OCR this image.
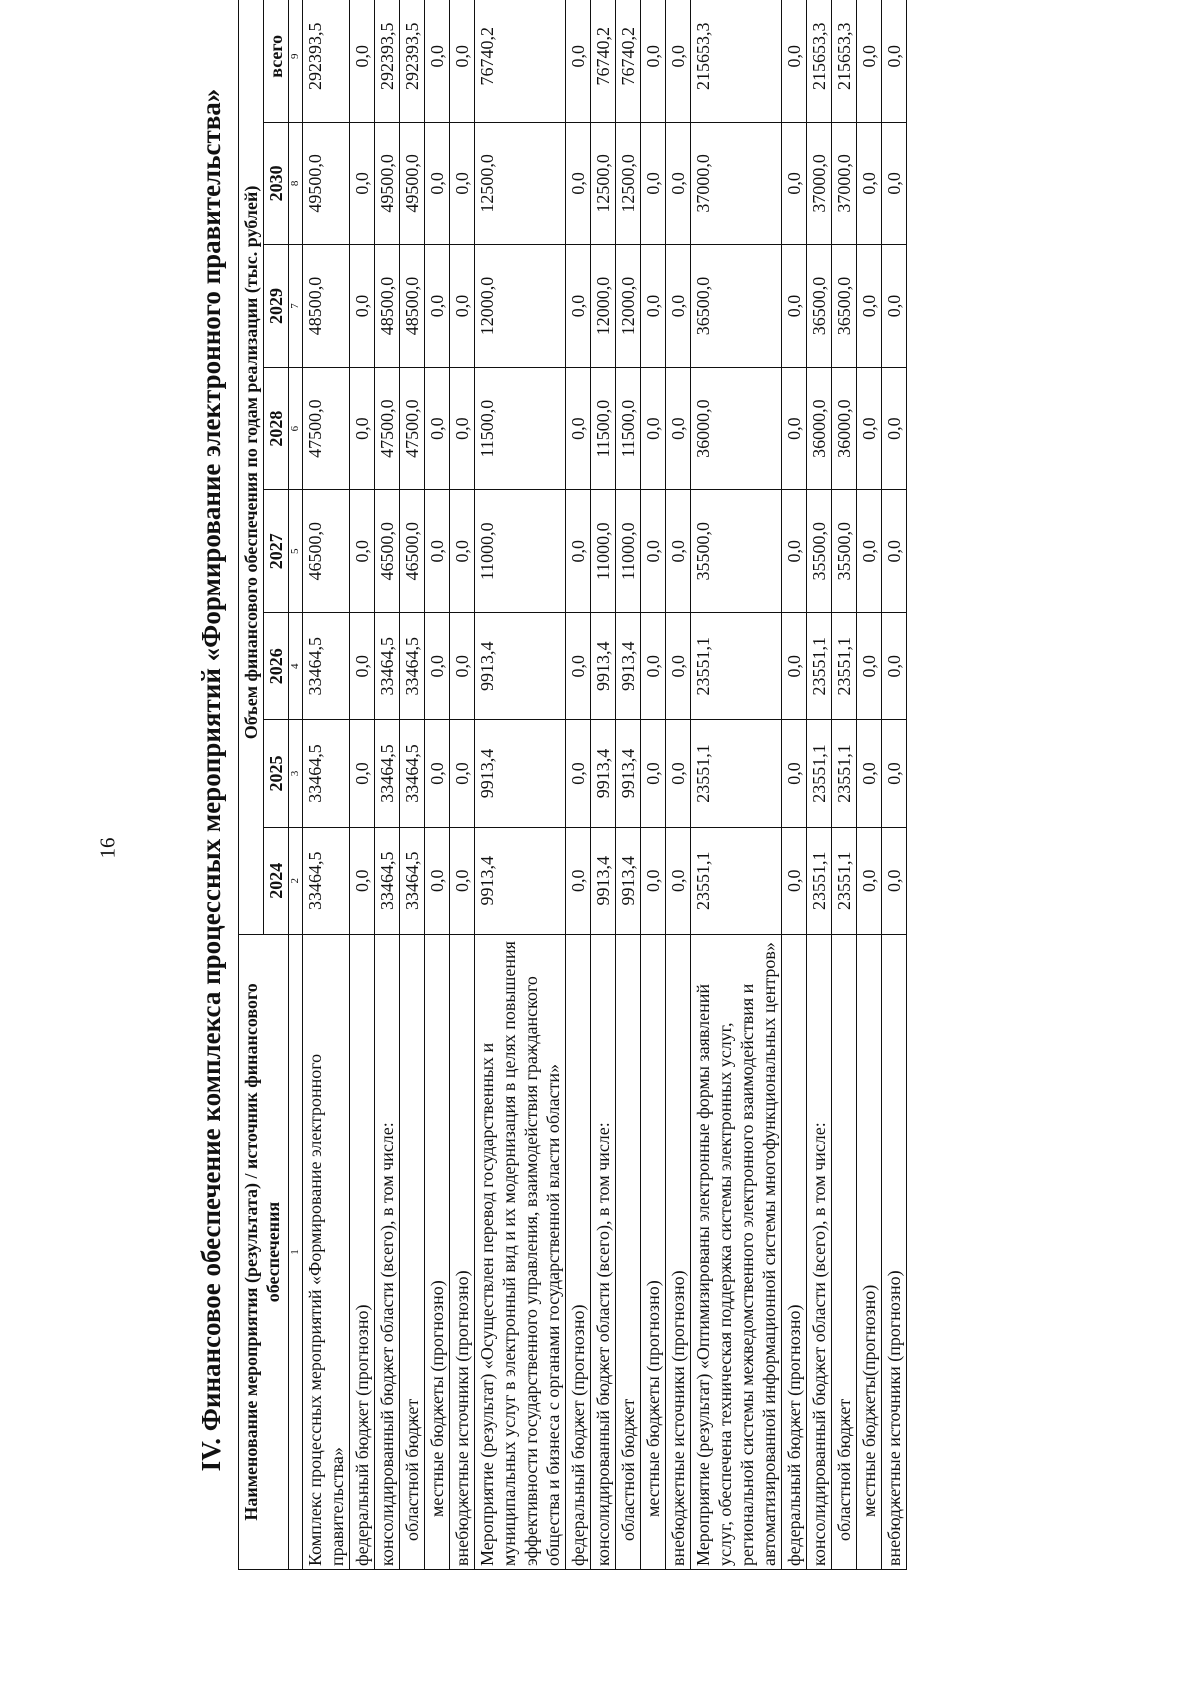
16	IV. Финансовое обеспечение комплекса процессных мероприятий «Формирование электронного правительства» Наименование мероприятия (результата) / источник финансового обеспечения	Объем финансового обеспечения по годам реализации (тыс. рублей)							
	2024	2025	2026	2027	2028	2029	2030	всего
1	2	3	4	5	6	7	8	9
Комплекс процессных мероприятий «Формирование электронного правительства»	33464,5	33464,5	33464,5	46500,0	47500,0	48500,0	49500,0	292393,5
федеральный бюджет (прогнозно)	0,0	0,0	0,0	0,0	0,0	0,0	0,0	0,0
консолидированный бюджет области (всего), в том числе:	33464,5	33464,5	33464,5	46500,0	47500,0	48500,0	49500,0	292393,5
областной бюджет	33464,5	33464,5	33464,5	46500,0	47500,0	48500,0	49500,0	292393,5
местные бюджеты (прогнозно)	0,0	0,0	0,0	0,0	0,0	0,0	0,0	0,0
внебюджетные источники (прогнозно)	0,0	0,0	0,0	0,0	0,0	0,0	0,0	0,0
Мероприятие (результат) «Осуществлен перевод государственных и муниципальных услуг в электронный вид и их модернизация в целях повышения эффективности государственного управления, взаимодействия гражданского общества и бизнеса с органами государственной власти области»	9913,4	9913,4	9913,4	11000,0	11500,0	12000,0	12500,0	76740,2
федеральный бюджет (прогнозно)	0,0	0,0	0,0	0,0	0,0	0,0	0,0	0,0
консолидированный бюджет области (всего), в том числе:	9913,4	9913,4	9913,4	11000,0	11500,0	12000,0	12500,0	76740,2
областной бюджет	9913,4	9913,4	9913,4	11000,0	11500,0	12000,0	12500,0	76740,2
местные бюджеты (прогнозно)	0,0	0,0	0,0	0,0	0,0	0,0	0,0	0,0
внебюджетные источники (прогнозно)	0,0	0,0	0,0	0,0	0,0	0,0	0,0	0,0
Мероприятие (результат) «Оптимизированы электронные формы заявлений услуг, обеспечена техническая поддержка системы электронных услуг, региональной системы межведомственного электронного взаимодействия и автоматизированной информационной системы многофункциональных центров»	23551,1	23551,1	23551,1	35500,0	36000,0	36500,0	37000,0	215653,3
федеральный бюджет (прогнозно)	0,0	0,0	0,0	0,0	0,0	0,0	0,0	0,0
консолидированный бюджет области (всего), в том числе:	23551,1	23551,1	23551,1	35500,0	36000,0	36500,0	37000,0	215653,3
областной бюджет	23551,1	23551,1	23551,1	35500,0	36000,0	36500,0	37000,0	215653,3
местные бюджеты(прогнозно)	0,0	0,0	0,0	0,0	0,0	0,0	0,0	0,0
внебюджетные источники (прогнозно)	0,0	0,0	0,0	0,0	0,0	0,0	0,0	0,0
